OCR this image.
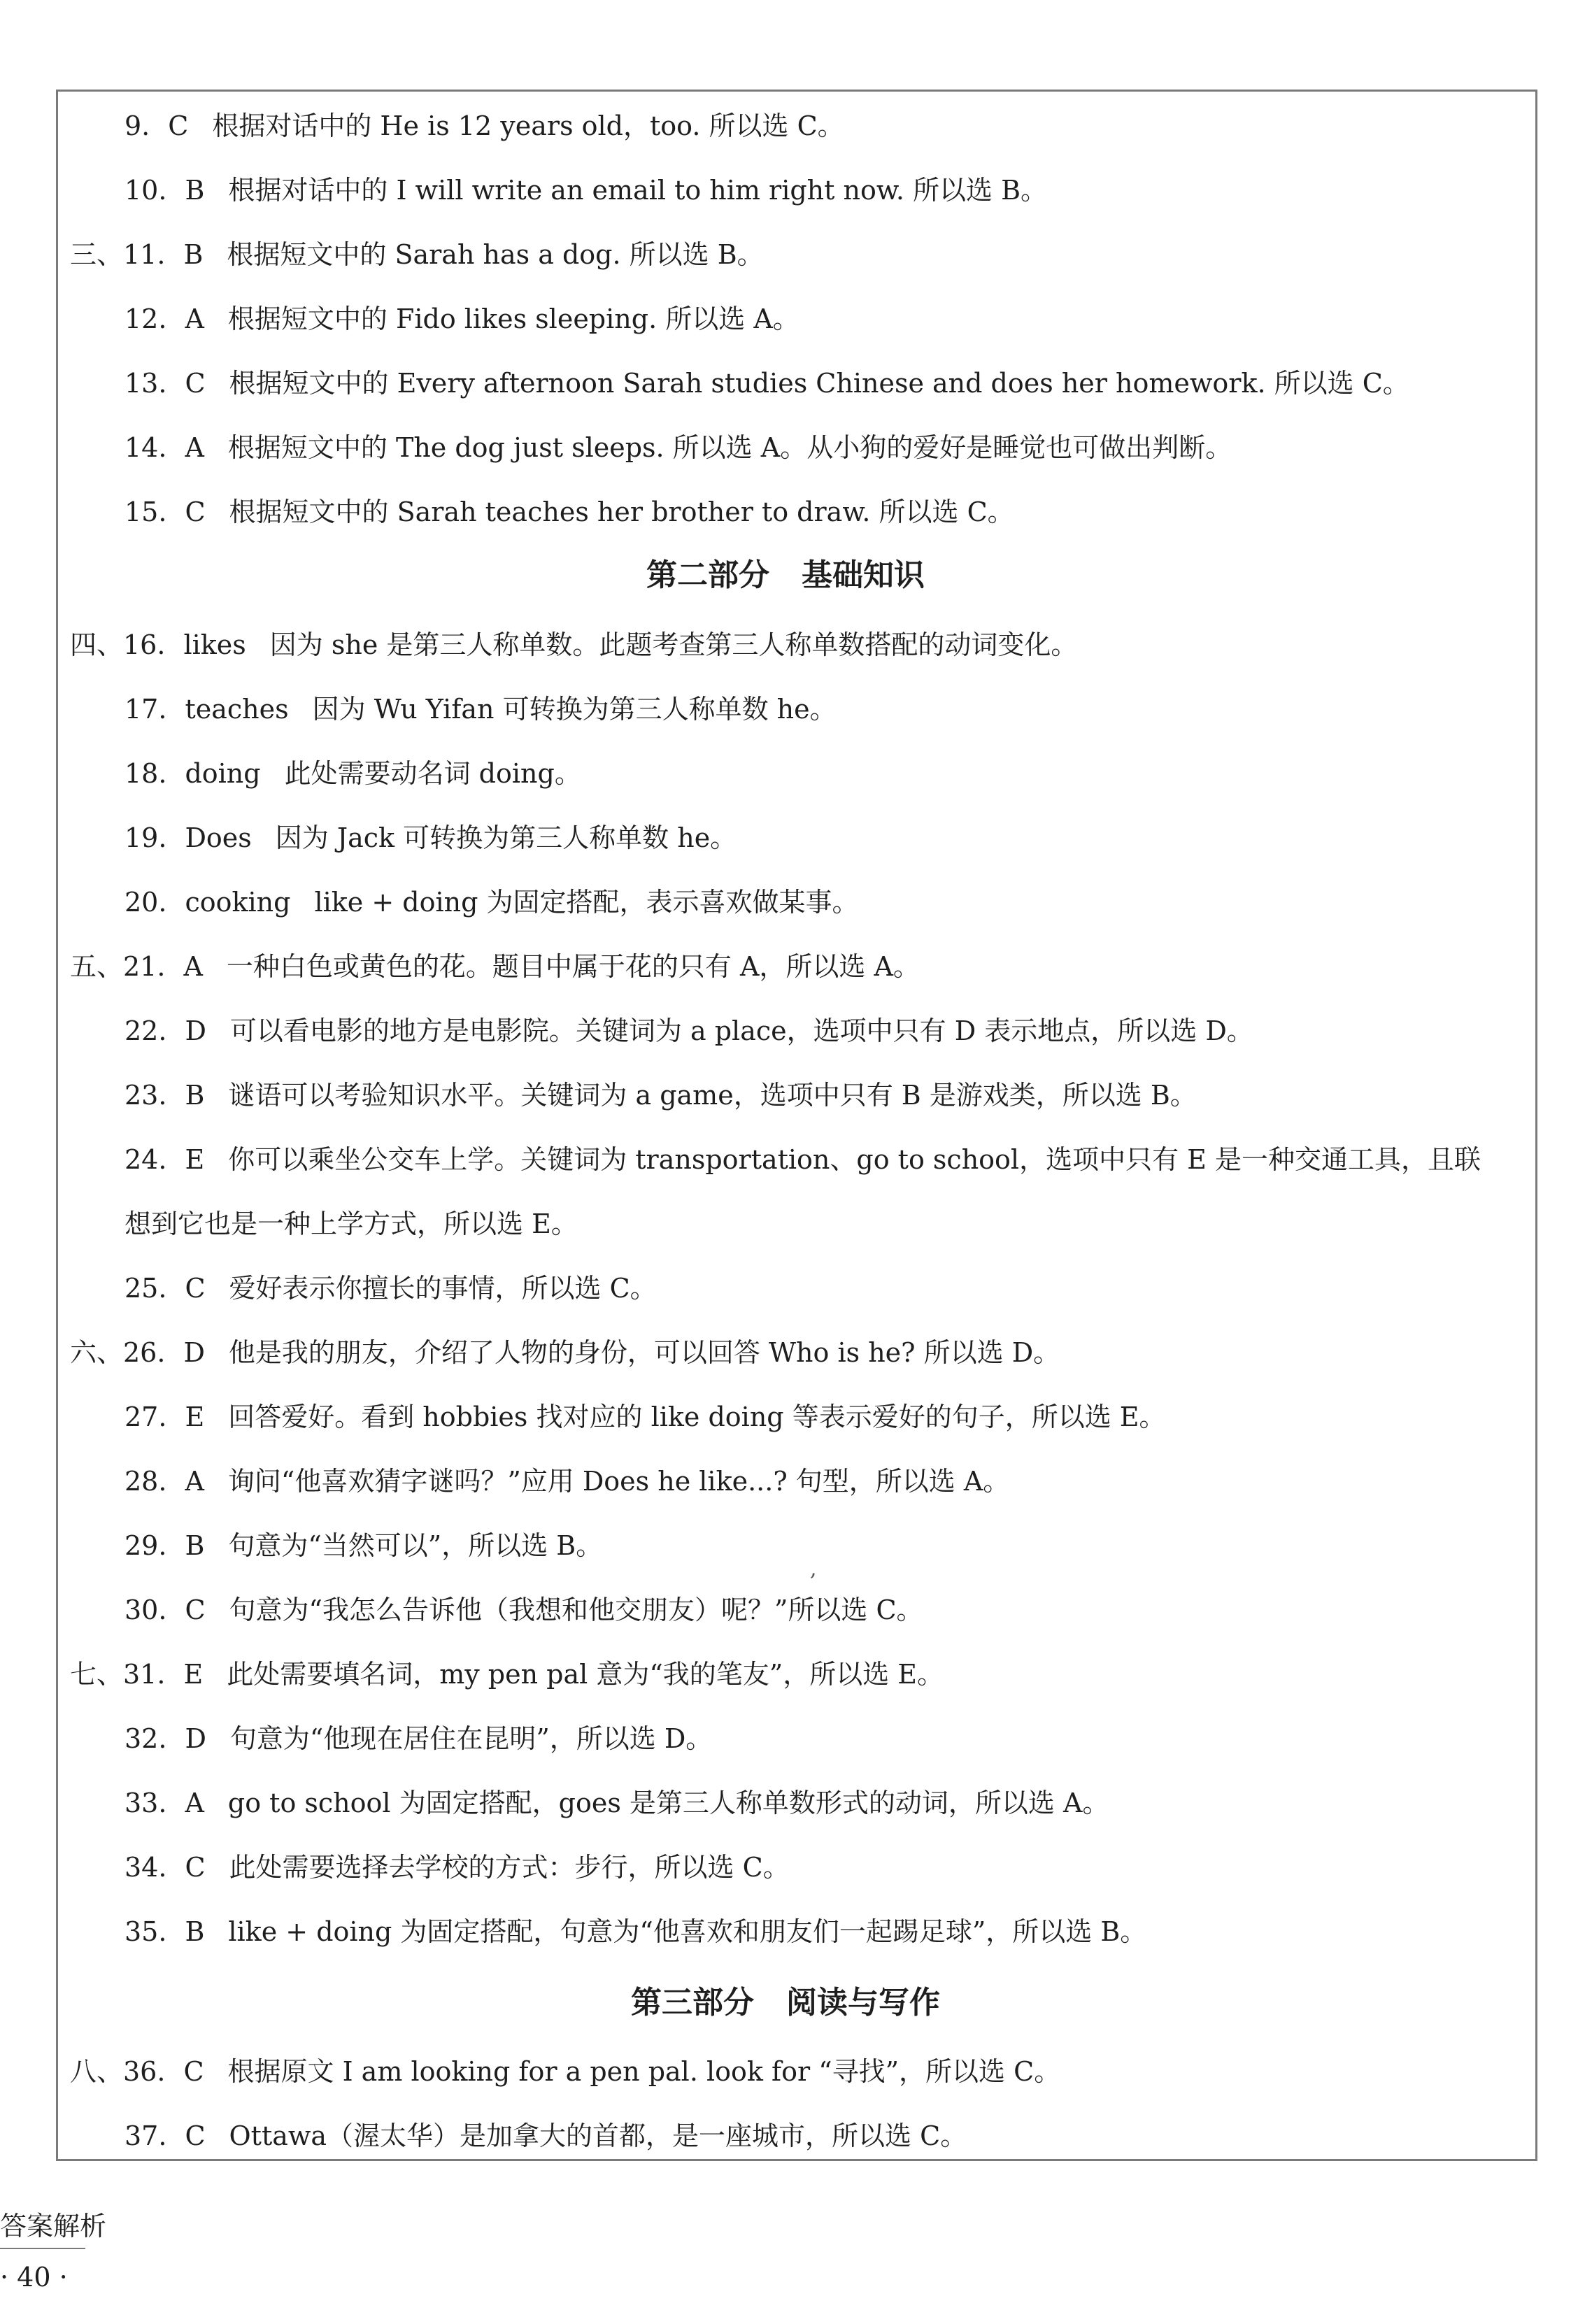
9. C 根据对话中的 He is 12 years old，too. 所以选 C。
10. B 根据对话中的 I will write an email to him right now. 所以选 B。
三、11. B 根据短文中的 Sarah has a dog. 所以选 B。
12. A 根据短文中的 Fido likes sleeping. 所以选 A。
13. C 根据短文中的 Every afternoon Sarah studies Chinese and does her homework. 所以选 C。
14. A 根据短文中的 The dog just sleeps. 所以选 A。从小狗的爱好是睡觉也可做出判断。
15. C 根据短文中的 Sarah teaches her brother to draw. 所以选 C。
第二部分 基础知识
四、16. likes 因为 she 是第三人称单数。此题考查第三人称单数搭配的动词变化。
17. teaches 因为 Wu Yifan 可转换为第三人称单数 he。
18. doing 此处需要动名词 doing。
19. Does 因为 Jack 可转换为第三人称单数 he。
20. cooking like + doing 为固定搭配，表示喜欢做某事。
五、21. A 一种白色或黄色的花。题目中属于花的只有 A，所以选 A。
22. D 可以看电影的地方是电影院。关键词为 a place，选项中只有 D 表示地点，所以选 D。
23. B 谜语可以考验知识水平。关键词为 a game，选项中只有 B 是游戏类，所以选 B。
24. E 你可以乘坐公交车上学。关键词为 transportation、go to school，选项中只有 E 是一种交通工具，且联
想到它也是一种上学方式，所以选 E。
25. C 爱好表示你擅长的事情，所以选 C。
六、26. D 他是我的朋友，介绍了人物的身份，可以回答 Who is he? 所以选 D。
27. E 回答爱好。看到 hobbies 找对应的 like doing 等表示爱好的句子，所以选 E。
28. A 询问“他喜欢猜字谜吗？”应用 Does he like...? 句型，所以选 A。
29. B 句意为“当然可以”，所以选 B。
,
30. C 句意为“我怎么告诉他（我想和他交朋友）呢？”所以选 C。
七、31. E 此处需要填名词，my pen pal 意为“我的笔友”，所以选 E。
32. D 句意为“他现在居住在昆明”，所以选 D。
33. A go to school 为固定搭配，goes 是第三人称单数形式的动词，所以选 A。
34. C 此处需要选择去学校的方式：步行，所以选 C。
35. B like + doing 为固定搭配，句意为“他喜欢和朋友们一起踢足球”，所以选 B。
第三部分 阅读与写作
八、36. C 根据原文 I am looking for a pen pal. look for “寻找”，所以选 C。
37. C Ottawa（渥太华）是加拿大的首都，是一座城市，所以选 C。
答案解析
· 40 ·
